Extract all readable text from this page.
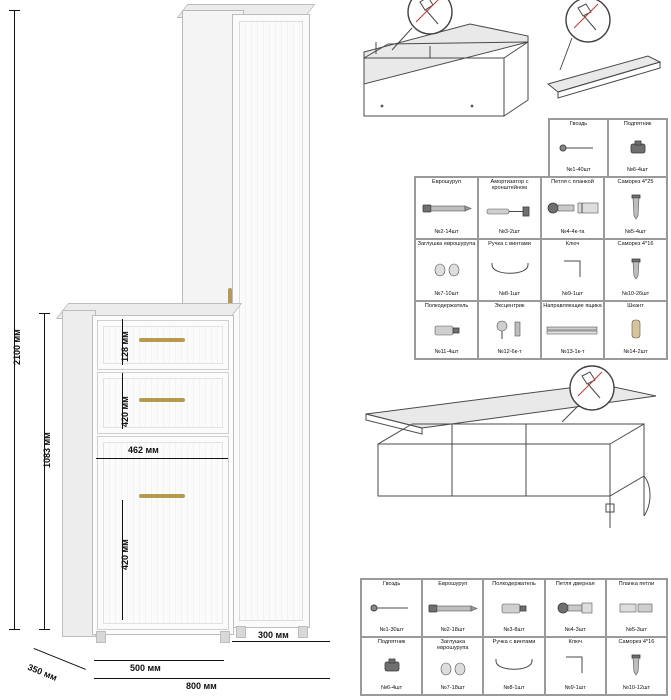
2100 мм
1083 мм
128 мм
420 мм
420 мм
462 мм
350 мм	500 мм
300 мм
800 мм
Гвоздь
№1-40шт
Подпятник
№6-4шт
Еврошуруп
№2-14шт
Амортизатор с кронштейном
№3-2шт
Петля с планкой
№4-4к-та
Саморез 4*25
№5-4шт
Заглушка еврошурупа
№7-10шт
Ручка с винтами
№8-1шт
Ключ
№9-1шт
Саморез 4*16
№10-26шт
Полкодержатель
№11-4шт
Эксцентрик
№12-6к-т
Направляющие ящика
№13-1к-т
Шкант
№14-2шт
Гвоздь
№1-30шт
Еврошуруп
№2-18шт
Полкодержатель
№3-8шт
Петля дверная
№4-3шт
Планка петли
№5-3шт
Подпятник
№6-4шт
Заглушка еврошурупа
№7-18шт
Ручка с винтами
№8-1шт
Ключ
№9-1шт
Саморез 4*16
№10-12шт
